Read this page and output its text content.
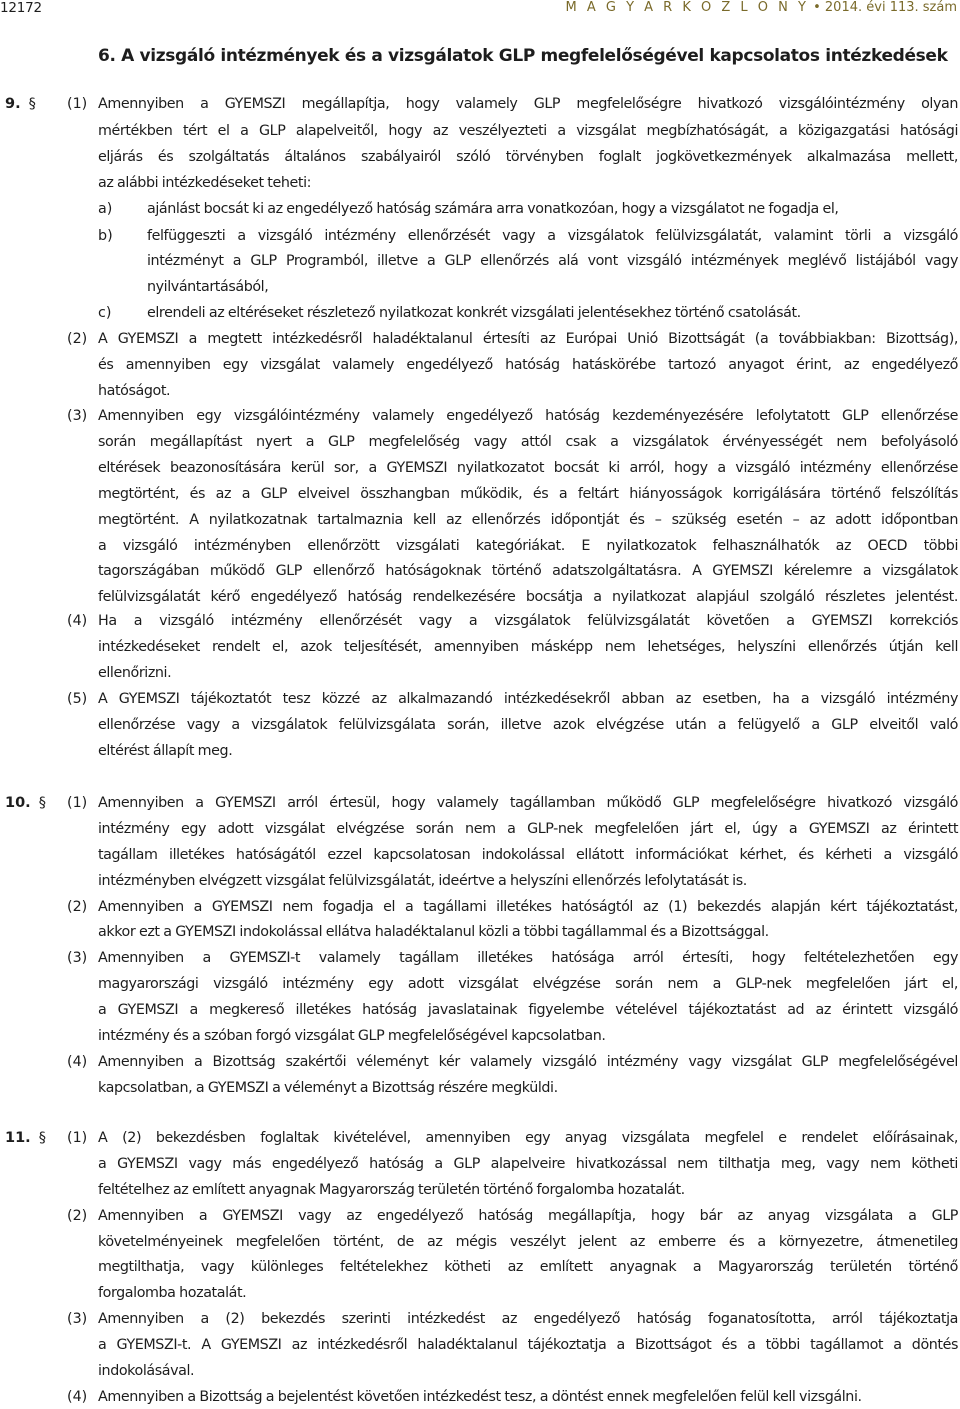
12172	M A G Y A R K Ö Z L Ö N Y • 2014. évi 113. szám
6. A vizsgáló intézmények és a vizsgálatok GLP megfelelőségével kapcsolatos intézkedések
9. §
10. §
11. §
(1)
(2)
(3)
(4)
(5)
(1)
(2)
(3)
(4)
(1)
(2)
(3)
(4)
a)
b)
c)
Amennyiben a GYEMSZI megállapítja, hogy valamely GLP megfelelőségre hivatkozó vizsgálóintézmény olyan
mértékben tért el a GLP alapelveitől, hogy az veszélyezteti a vizsgálat megbízhatóságát, a közigazgatási hatósági
eljárás és szolgáltatás általános szabályairól szóló törvényben foglalt jogkövetkezmények alkalmazása mellett,
az alábbi intézkedéseket teheti:
ajánlást bocsát ki az engedélyező hatóság számára arra vonatkozóan, hogy a vizsgálatot ne fogadja el,
felfüggeszti a vizsgáló intézmény ellenőrzését vagy a vizsgálatok felülvizsgálatát, valamint törli a vizsgáló
intézményt a GLP Programból, illetve a GLP ellenőrzés alá vont vizsgáló intézmények meglévő listájából vagy
nyilvántartásából,
elrendeli az eltéréseket részletező nyilatkozat konkrét vizsgálati jelentésekhez történő csatolását.
A GYEMSZI a megtett intézkedésről haladéktalanul értesíti az Európai Unió Bizottságát (a továbbiakban: Bizottság),
és amennyiben egy vizsgálat valamely engedélyező hatóság hatáskörébe tartozó anyagot érint, az engedélyező
hatóságot.
Amennyiben egy vizsgálóintézmény valamely engedélyező hatóság kezdeményezésére lefolytatott GLP ellenőrzése
során megállapítást nyert a GLP megfelelőség vagy attól csak a vizsgálatok érvényességét nem befolyásoló
eltérések beazonosítására kerül sor, a GYEMSZI nyilatkozatot bocsát ki arról, hogy a vizsgáló intézmény ellenőrzése
megtörtént, és az a GLP elveivel összhangban működik, és a feltárt hiányosságok korrigálására történő felszólítás
megtörtént. A nyilatkozatnak tartalmaznia kell az ellenőrzés időpontját és – szükség esetén – az adott időpontban
a vizsgáló intézményben ellenőrzött vizsgálati kategóriákat. E nyilatkozatok felhasználhatók az OECD többi
tagországában működő GLP ellenőrző hatóságoknak történő adatszolgáltatásra. A GYEMSZI kérelemre a vizsgálatok
felülvizsgálatát kérő engedélyező hatóság rendelkezésére bocsátja a nyilatkozat alapjául szolgáló részletes jelentést.
Ha a vizsgáló intézmény ellenőrzését vagy a vizsgálatok felülvizsgálatát követően a GYEMSZI korrekciós
intézkedéseket rendelt el, azok teljesítését, amennyiben másképp nem lehetséges, helyszíni ellenőrzés útján kell
ellenőrizni.
A GYEMSZI tájékoztatót tesz közzé az alkalmazandó intézkedésekről abban az esetben, ha a vizsgáló intézmény
ellenőrzése vagy a vizsgálatok felülvizsgálata során, illetve azok elvégzése után a felügyelő a GLP elveitől való
eltérést állapít meg.
Amennyiben a GYEMSZI arról értesül, hogy valamely tagállamban működő GLP megfelelőségre hivatkozó vizsgáló
intézmény egy adott vizsgálat elvégzése során nem a GLP-nek megfelelően járt el, úgy a GYEMSZI az érintett
tagállam illetékes hatóságától ezzel kapcsolatosan indokolással ellátott információkat kérhet, és kérheti a vizsgáló
intézményben elvégzett vizsgálat felülvizsgálatát, ideértve a helyszíni ellenőrzés lefolytatását is.
Amennyiben a GYEMSZI nem fogadja el a tagállami illetékes hatóságtól az (1) bekezdés alapján kért tájékoztatást,
akkor ezt a GYEMSZI indokolással ellátva haladéktalanul közli a többi tagállammal és a Bizottsággal.
Amennyiben a GYEMSZI-t valamely tagállam illetékes hatósága arról értesíti, hogy feltételezhetően egy
magyarországi vizsgáló intézmény egy adott vizsgálat elvégzése során nem a GLP-nek megfelelően járt el,
a GYEMSZI a megkereső illetékes hatóság javaslatainak figyelembe vételével tájékoztatást ad az érintett vizsgáló
intézmény és a szóban forgó vizsgálat GLP megfelelőségével kapcsolatban.
Amennyiben a Bizottság szakértői véleményt kér valamely vizsgáló intézmény vagy vizsgálat GLP megfelelőségével
kapcsolatban, a GYEMSZI a véleményt a Bizottság részére megküldi.
A (2) bekezdésben foglaltak kivételével, amennyiben egy anyag vizsgálata megfelel e rendelet előírásainak,
a GYEMSZI vagy más engedélyező hatóság a GLP alapelveire hivatkozással nem tilthatja meg, vagy nem kötheti
feltételhez az említett anyagnak Magyarország területén történő forgalomba hozatalát.
Amennyiben a GYEMSZI vagy az engedélyező hatóság megállapítja, hogy bár az anyag vizsgálata a GLP
követelményeinek megfelelően történt, de az mégis veszélyt jelent az emberre és a környezetre, átmenetileg
megtilthatja, vagy különleges feltételekhez kötheti az említett anyagnak a Magyarország területén történő
forgalomba hozatalát.
Amennyiben a (2) bekezdés szerinti intézkedést az engedélyező hatóság foganatosította, arról tájékoztatja
a GYEMSZI-t. A GYEMSZI az intézkedésről haladéktalanul tájékoztatja a Bizottságot és a többi tagállamot a döntés
indokolásával.
Amennyiben a Bizottság a bejelentést követően intézkedést tesz, a döntést ennek megfelelően felül kell vizsgálni.
